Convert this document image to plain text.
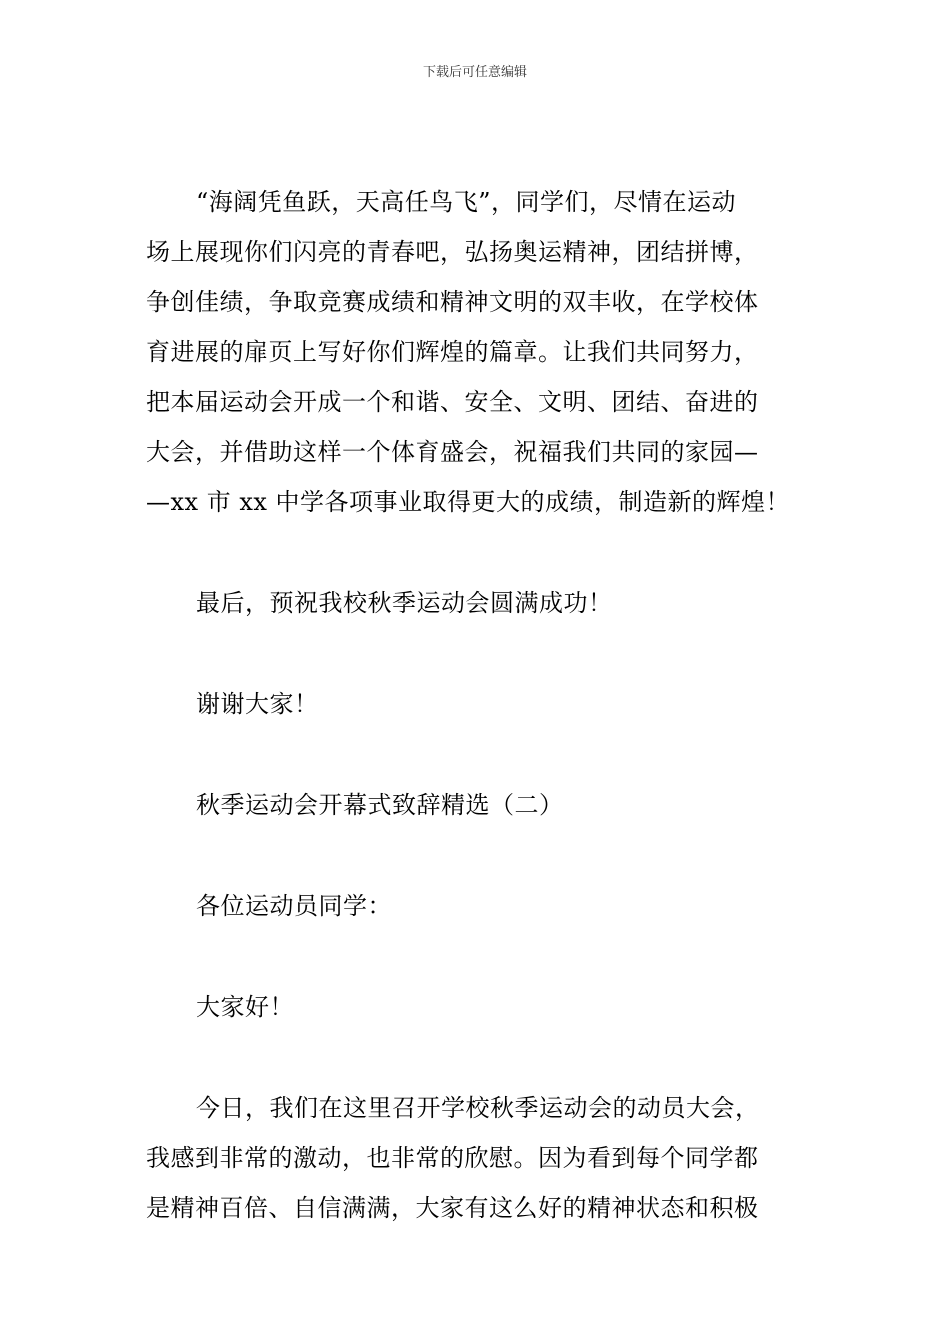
下载后可任意编辑
“海阔凭鱼跃，天高任鸟飞”，同学们，尽情在运动
场上展现你们闪亮的青春吧，弘扬奥运精神，团结拼博，
争创佳绩，争取竞赛成绩和精神文明的双丰收，在学校体
育进展的扉页上写好你们辉煌的篇章。让我们共同努力，
把本届运动会开成一个和谐、安全、文明、团结、奋进的
大会，并借助这样一个体育盛会，祝福我们共同的家园—
—xx 市 xx 中学各项事业取得更大的成绩，制造新的辉煌！
最后，预祝我校秋季运动会圆满成功！
谢谢大家！
秋季运动会开幕式致辞精选（二）
各位运动员同学：
大家好！
今日，我们在这里召开学校秋季运动会的动员大会，
我感到非常的激动，也非常的欣慰。因为看到每个同学都
是精神百倍、自信满满，大家有这么好的精神状态和积极
